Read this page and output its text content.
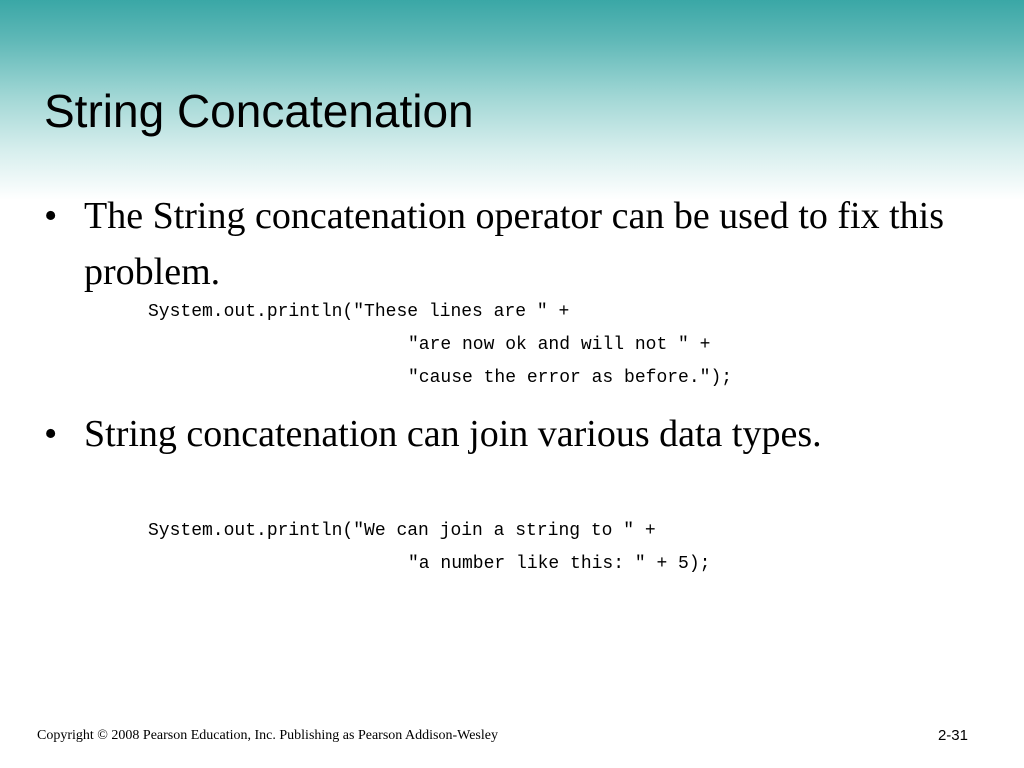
String Concatenation
• The String concatenation operator can be used to fix this problem.
System.out.println("These lines are " +
"are now ok and will not " +
"cause the error as before.");
• String concatenation can join various data types.
System.out.println("We can join a string to " +
"a number like this: " + 5);
Copyright © 2008 Pearson Education, Inc. Publishing as Pearson Addison-Wesley	2-31
